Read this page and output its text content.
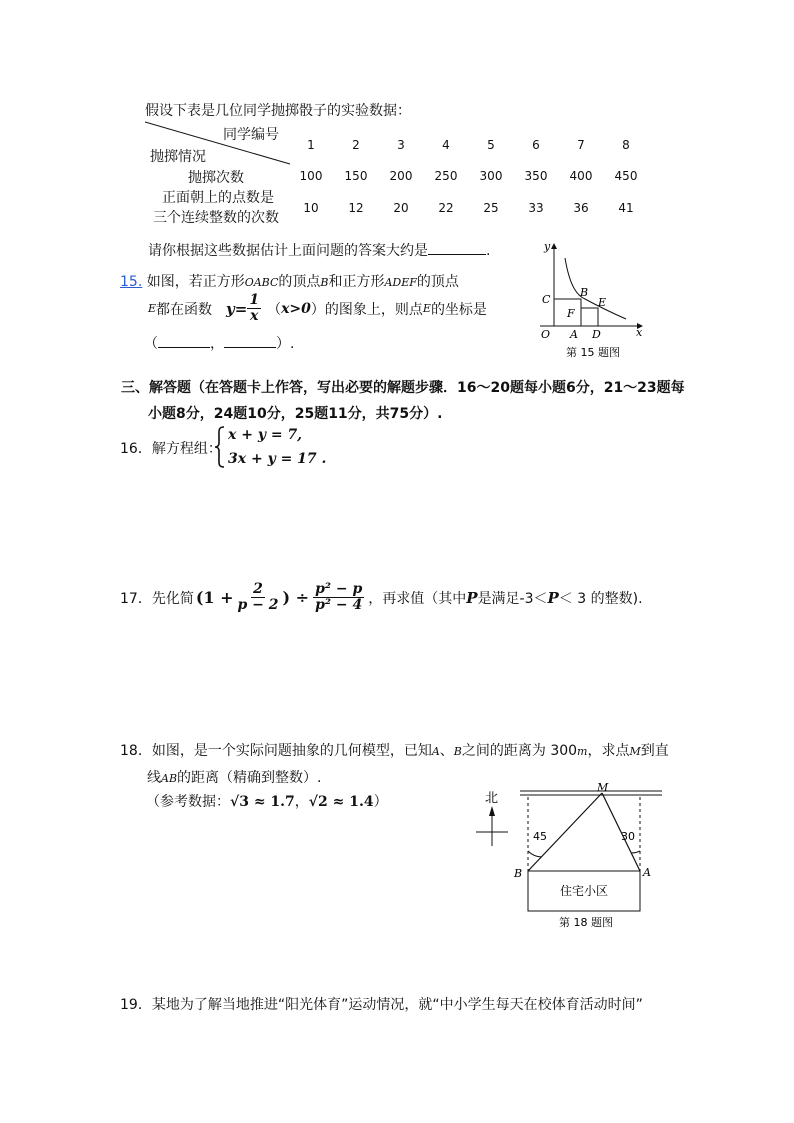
假设下表是几位同学抛掷骰子的实验数据：
同学编号
抛掷情况
1	2	3	4	5	6	7	8
抛掷次数	100	150	200	250	300	350	400	450
正面朝上的点数是
三个连续整数的次数
10	12	20	22	25	33	36	41
请你根据这些数据估计上面问题的答案大约是	.
15. 如图，若正方形OABC的顶点B和正方形ADEF的顶点
E 都在函数 $y= \frac{1}{x}$ （ x>0 ） 的图象上，则点 E 的坐标是
（	，	）.
y
x
O A D
C
B
E
F
第 15 题图
三、解答题（在答题卡上作答，写出必要的解题步骤．16～20题每小题6分，21～23题每
小题8分，24题10分，25题11分，共75分）.
16．解方程组：
x + y = 7,
3x + y = 17 .
17． 先化简 ($1 + \frac{2}{p - 2}$ ) ÷ $\frac{\text{p² − p}}{\text{p² − 4}}$ ，再求值（其中 P 是满足-3＜ P ＜ 3 的整数).
18．如图，是一个实际问题抽象的几何模型，已知A、B之间的距离为 300m，求点M到直
线AB的距离（精确到整数）.
（参考数据：√3 ≈ 1.7，√2 ≈ 1.4）	北
45	30
住宅小区
M
B	A
第 18 题图
19．某地为了解当地推进“阳光体育”运动情况，就“中小学生每天在校体育活动时间”
